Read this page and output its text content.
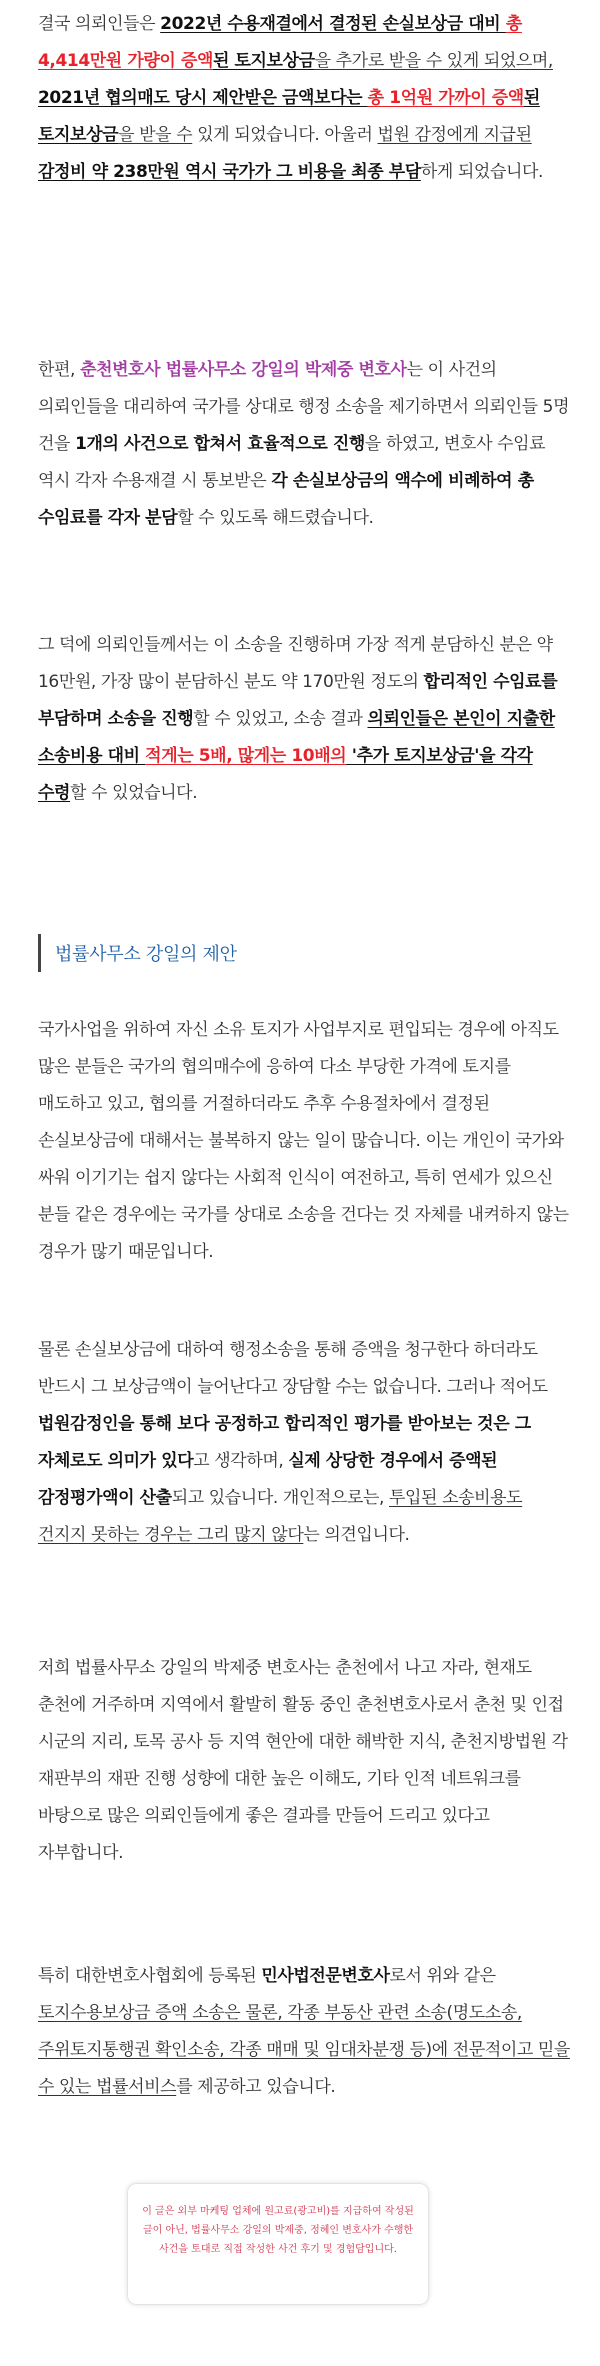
결국 의뢰인들은 2022년 수용재결에서 결정된 손실보상금 대비 총 4,414만원 가량이 증액된 토지보상금을 추가로 받을 수 있게 되었으며, 2021년 협의매도 당시 제안받은 금액보다는 총 1억원 가까이 증액된 토지보상금을 받을 수 있게 되었습니다. 아울러 법원 감정에게 지급된 감정비 약 238만원 역시 국가가 그 비용을 최종 부담하게 되었습니다.

한편, 춘천변호사 법률사무소 강일의 박제중 변호사는 이 사건의 의뢰인들을 대리하여 국가를 상대로 행정 소송을 제기하면서 의뢰인들 5명 건을 1개의 사건으로 합쳐서 효율적으로 진행을 하였고, 변호사 수임료 역시 각자 수용재결 시 통보받은 각 손실보상금의 액수에 비례하여 총 수임료를 각자 분담할 수 있도록 해드렸습니다.

그 덕에 의뢰인들께서는 이 소송을 진행하며 가장 적게 분담하신 분은 약 16만원, 가장 많이 분담하신 분도 약 170만원 정도의 합리적인 수임료를 부담하며 소송을 진행할 수 있었고, 소송 결과 의뢰인들은 본인이 지출한 소송비용 대비 적게는 5배, 많게는 10배의 '추가 토지보상금'을 각각 수령할 수 있었습니다.

법률사무소 강일의 제안

국가사업을 위하여 자신 소유 토지가 사업부지로 편입되는 경우에 아직도 많은 분들은 국가의 협의매수에 응하여 다소 부당한 가격에 토지를 매도하고 있고, 협의를 거절하더라도 추후 수용절차에서 결정된 손실보상금에 대해서는 불복하지 않는 일이 많습니다. 이는 개인이 국가와 싸워 이기기는 쉽지 않다는 사회적 인식이 여전하고, 특히 연세가 있으신 분들 같은 경우에는 국가를 상대로 소송을 건다는 것 자체를 내켜하지 않는 경우가 많기 때문입니다.

물론 손실보상금에 대하여 행정소송을 통해 증액을 청구한다 하더라도 반드시 그 보상금액이 늘어난다고 장담할 수는 없습니다. 그러나 적어도 법원감정인을 통해 보다 공정하고 합리적인 평가를 받아보는 것은 그 자체로도 의미가 있다고 생각하며, 실제 상당한 경우에서 증액된 감정평가액이 산출되고 있습니다. 개인적으로는, 투입된 소송비용도 건지지 못하는 경우는 그리 많지 않다는 의견입니다.

저희 법률사무소 강일의 박제중 변호사는 춘천에서 나고 자라, 현재도 춘천에 거주하며 지역에서 활발히 활동 중인 춘천변호사로서 춘천 및 인접 시군의 지리, 토목 공사 등 지역 현안에 대한 해박한 지식, 춘천지방법원 각 재판부의 재판 진행 성향에 대한 높은 이해도, 기타 인적 네트워크를 바탕으로 많은 의뢰인들에게 좋은 결과를 만들어 드리고 있다고 자부합니다.

특히 대한변호사협회에 등록된 민사법전문변호사로서 위와 같은 토지수용보상금 증액 소송은 물론, 각종 부동산 관련 소송(명도소송, 주위토지통행권 확인소송, 각종 매매 및 임대차분쟁 등)에 전문적이고 믿을 수 있는 법률서비스를 제공하고 있습니다.

이 글은 외부 마케팅 업체에 원고료(광고비)를 지급하여 작성된 글이 아닌, 법률사무소 강일의 박제중, 정혜인 변호사가 수행한 사건을 토대로 직접 작성한 사건 후기 및 경험담입니다.
